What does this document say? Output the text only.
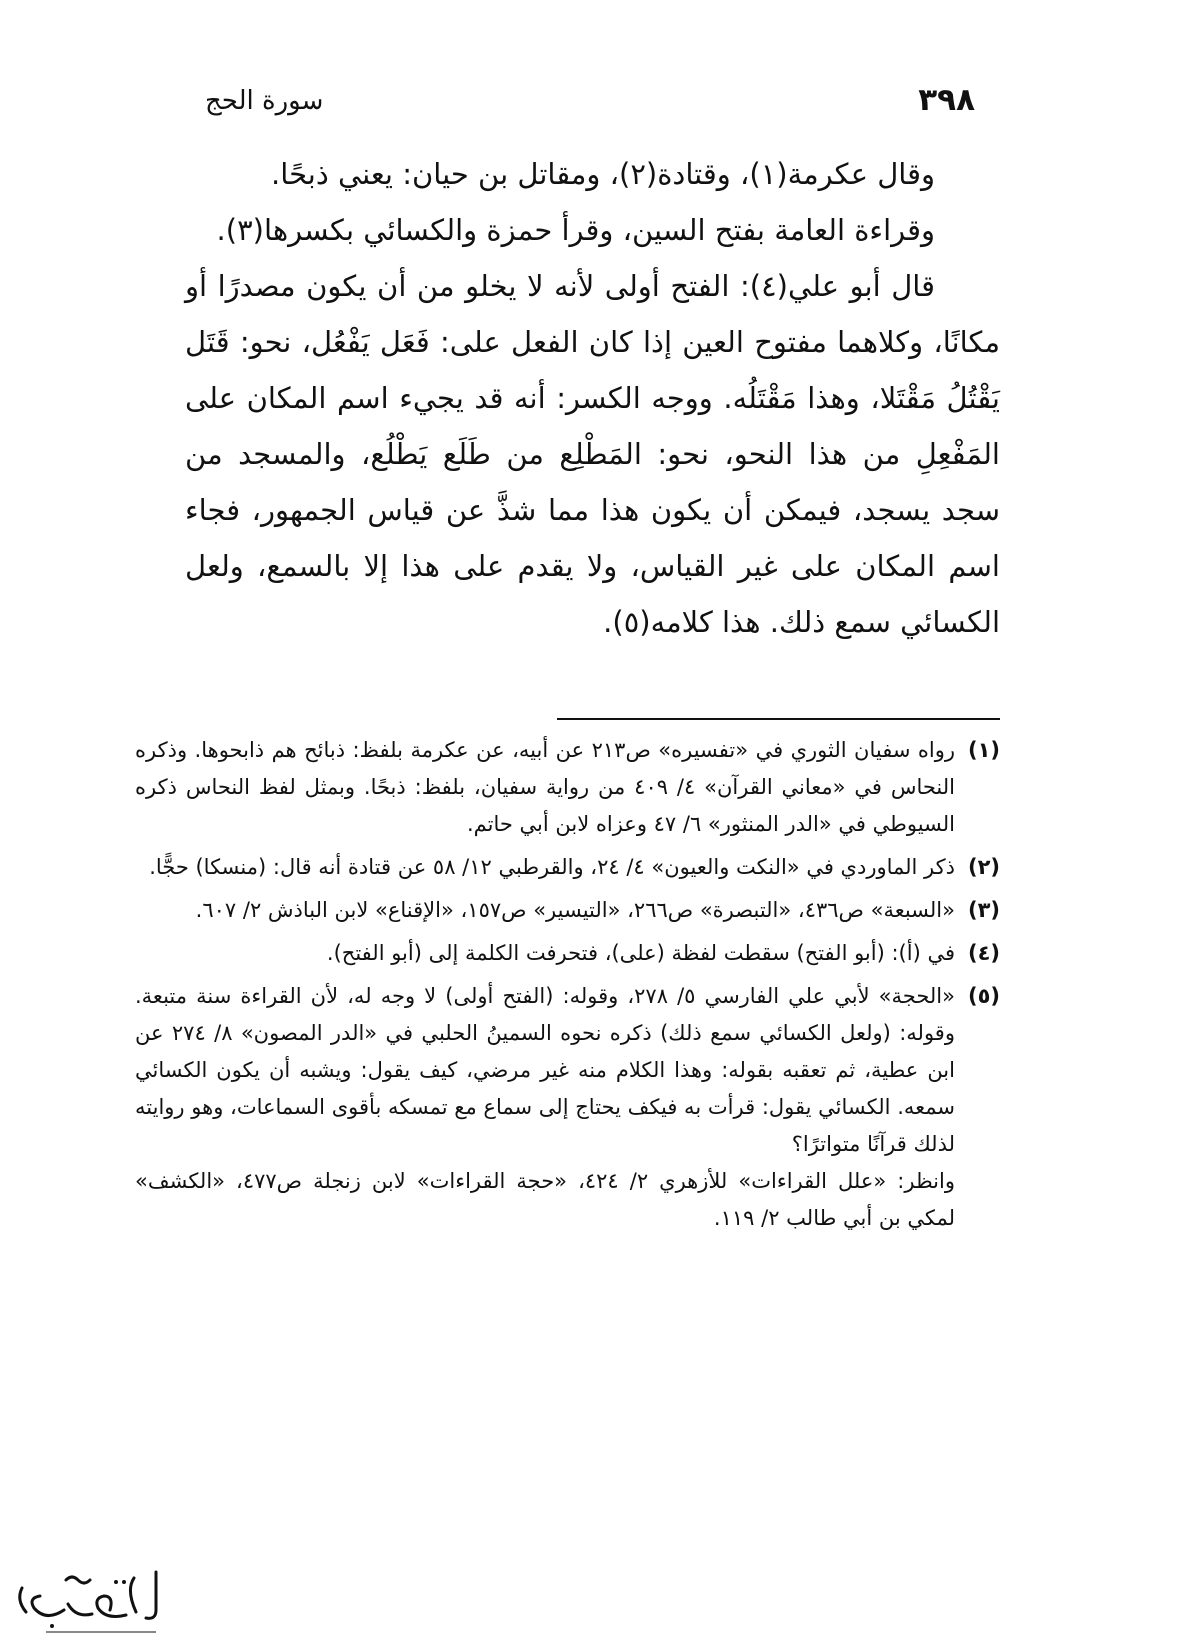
٣٩٨
سورة الحج

وقال عكرمة(١)، وقتادة(٢)، ومقاتل بن حيان: يعني ذبحًا.

وقراءة العامة بفتح السين، وقرأ حمزة والكسائي بكسرها(٣).

قال أبو علي(٤): الفتح أولى لأنه لا يخلو من أن يكون مصدرًا أو مكانًا، وكلاهما مفتوح العين إذا كان الفعل على: فَعَل يَفْعُل، نحو: قَتَل يَقْتُلُ مَقْتَلا، وهذا مَقْتَلُه. ووجه الكسر: أنه قد يجيء اسم المكان على المَفْعِلِ من هذا النحو، نحو: المَطْلِع من طَلَع يَطْلُع، والمسجد من سجد يسجد، فيمكن أن يكون هذا مما شذَّ عن قياس الجمهور، فجاء اسم المكان على غير القياس، ولا يقدم على هذا إلا بالسمع، ولعل الكسائي سمع ذلك. هذا كلامه(٥).

(١)

رواه سفيان الثوري في «تفسيره» ص٢١٣ عن أبيه، عن عكرمة بلفظ: ذبائح هم ذابحوها. وذكره النحاس في «معاني القرآن» ٤/ ٤٠٩ من رواية سفيان، بلفظ: ذبحًا. وبمثل لفظ النحاس ذكره السيوطي في «الدر المنثور» ٦/ ٤٧ وعزاه لابن أبي حاتم.

(٢)

ذكر الماوردي في «النكت والعيون» ٤/ ٢٤، والقرطبي ١٢/ ٥٨ عن قتادة أنه قال: (منسكا) حجًّا.

(٣)

«السبعة» ص٤٣٦، «التبصرة» ص٢٦٦، «التيسير» ص١٥٧، «الإقناع» لابن الباذش ٢/ ٦٠٧.

(٤)

في (أ): (أبو الفتح) سقطت لفظة (على)، فتحرفت الكلمة إلى (أبو الفتح).

(٥)

«الحجة» لأبي علي الفارسي ٥/ ٢٧٨، وقوله: (الفتح أولى) لا وجه له، لأن القراءة سنة متبعة. وقوله: (ولعل الكسائي سمع ذلك) ذكره نحوه السمينُ الحلبي في «الدر المصون» ٨/ ٢٧٤ عن ابن عطية، ثم تعقبه بقوله: وهذا الكلام منه غير مرضي، كيف يقول: ويشبه أن يكون الكسائي سمعه. الكسائي يقول: قرأت به فيكف يحتاج إلى سماع مع تمسكه بأقوى السماعات، وهو روايته لذلك قرآنًا متواترًا؟

وانظر: «علل القراءات» للأزهري ٢/ ٤٢٤، «حجة القراءات» لابن زنجلة ص٤٧٧، «الكشف» لمكي بن أبي طالب ٢/ ١١٩.
